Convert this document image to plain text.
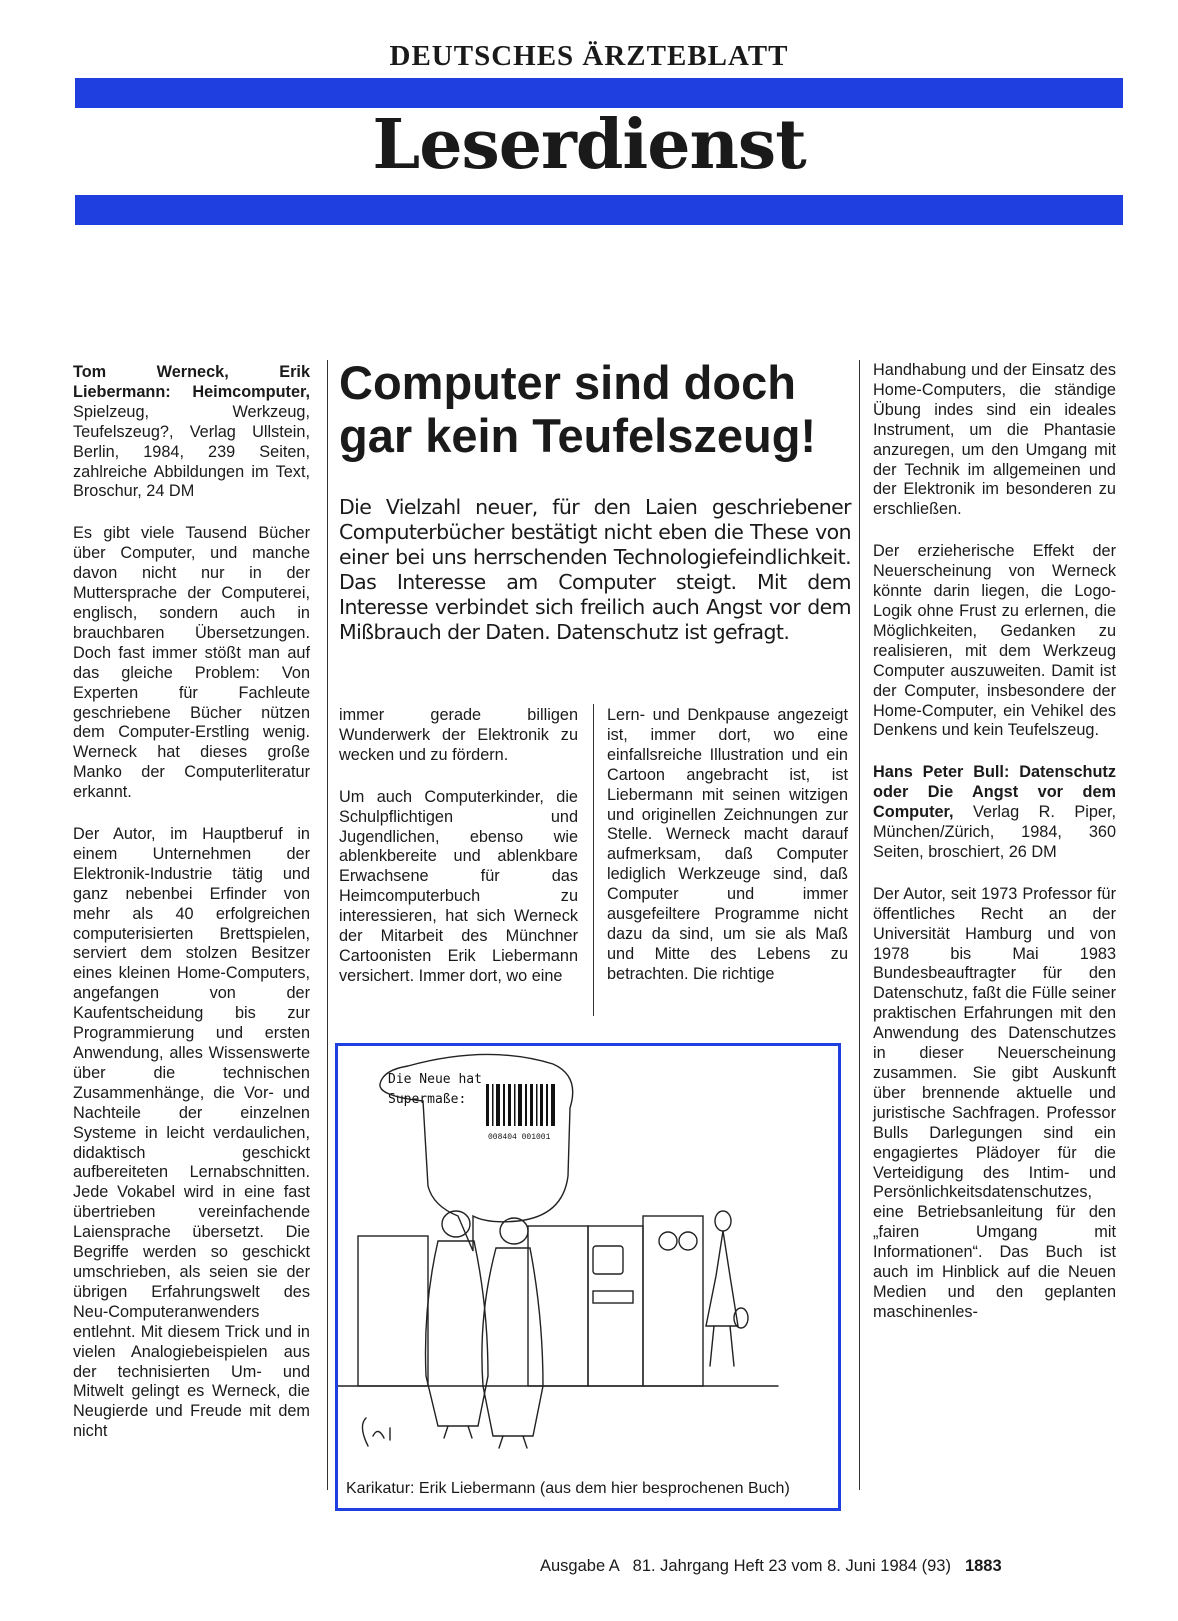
DEUTSCHES ÄRZTEBLATT
Leserdienst

Tom Werneck, Erik Liebermann: Heimcomputer, Spielzeug, Werkzeug, Teufelszeug?, Verlag Ullstein, Berlin, 1984, 239 Seiten, zahlreiche Abbildungen im Text, Broschur, 24 DM

Es gibt viele Tausend Bücher über Computer, und manche davon nicht nur in der Muttersprache der Computerei, englisch, sondern auch in brauchbaren Übersetzungen. Doch fast immer stößt man auf das gleiche Problem: Von Experten für Fachleute geschriebene Bücher nützen dem Computer-Erstling wenig. Werneck hat dieses große Manko der Computerliteratur erkannt.

Der Autor, im Hauptberuf in einem Unternehmen der Elektronik-Industrie tätig und ganz nebenbei Erfinder von mehr als 40 erfolgreichen computerisierten Brettspielen, serviert dem stolzen Besitzer eines kleinen Home-Computers, angefangen von der Kaufentscheidung bis zur Programmierung und ersten Anwendung, alles Wissenswerte über die technischen Zusammenhänge, die Vor- und Nachteile der einzelnen Systeme in leicht verdaulichen, didaktisch geschickt aufbereiteten Lernabschnitten. Jede Vokabel wird in eine fast übertrieben vereinfachende Laiensprache übersetzt. Die Begriffe werden so geschickt umschrieben, als seien sie der übrigen Erfahrungswelt des Neu-Computeranwenders entlehnt. Mit diesem Trick und in vielen Analogiebeispielen aus der technisierten Um- und Mitwelt gelingt es Werneck, die Neugierde und Freude mit dem nicht

Computer sind doch gar kein Teufelszeug!
Die Vielzahl neuer, für den Laien geschriebener Computerbücher bestätigt nicht eben die These von einer bei uns herrschenden Technologiefeindlichkeit. Das Interesse am Computer steigt. Mit dem Interesse verbindet sich freilich auch Angst vor dem Mißbrauch der Daten. Datenschutz ist gefragt.

immer gerade billigen Wunderwerk der Elektronik zu wecken und zu fördern.

Um auch Computerkinder, die Schulpflichtigen und Jugendlichen, ebenso wie ablenkbereite und ablenkbare Erwachsene für das Heimcomputerbuch zu interessieren, hat sich Werneck der Mitarbeit des Münchner Cartoonisten Erik Liebermann versichert. Immer dort, wo eine

Lern- und Denkpause angezeigt ist, immer dort, wo eine einfallsreiche Illustration und ein Cartoon angebracht ist, ist Liebermann mit seinen witzigen und originellen Zeichnungen zur Stelle. Werneck macht darauf aufmerksam, daß Computer lediglich Werkzeuge sind, daß Computer und immer ausgefeiltere Programme nicht dazu da sind, um sie als Maß und Mitte des Lebens zu betrachten. Die richtige

Handhabung und der Einsatz des Home-Computers, die ständige Übung indes sind ein ideales Instrument, um die Phantasie anzuregen, um den Umgang mit der Technik im allgemeinen und der Elektronik im besonderen zu erschließen.

Der erzieherische Effekt der Neuerscheinung von Werneck könnte darin liegen, die Logo-Logik ohne Frust zu erlernen, die Möglichkeiten, Gedanken zu realisieren, mit dem Werkzeug Computer auszuweiten. Damit ist der Computer, insbesondere der Home-Computer, ein Vehikel des Denkens und kein Teufelszeug.

Hans Peter Bull: Datenschutz oder Die Angst vor dem Computer, Verlag R. Piper, München/Zürich, 1984, 360 Seiten, broschiert, 26 DM

Der Autor, seit 1973 Professor für öffentliches Recht an der Universität Hamburg und von 1978 bis Mai 1983 Bundesbeauftragter für den Datenschutz, faßt die Fülle seiner praktischen Erfahrungen mit den Anwendung des Datenschutzes in dieser Neuerscheinung zusammen. Sie gibt Auskunft über brennende aktuelle und juristische Sachfragen. Professor Bulls Darlegungen sind ein engagiertes Plädoyer für die Verteidigung des Intim- und Persönlichkeitsdatenschutzes, eine Betriebsanleitung für den „fairen Umgang mit Informationen“. Das Buch ist auch im Hinblick auf die Neuen Medien und den geplanten maschinenles-

008404 001001
Die Neue hat Supermaße:
Karikatur: Erik Liebermann (aus dem hier besprochenen Buch)
Ausgabe A   81. Jahrgang Heft 23 vom 8. Juni 1984 (93) 1883
